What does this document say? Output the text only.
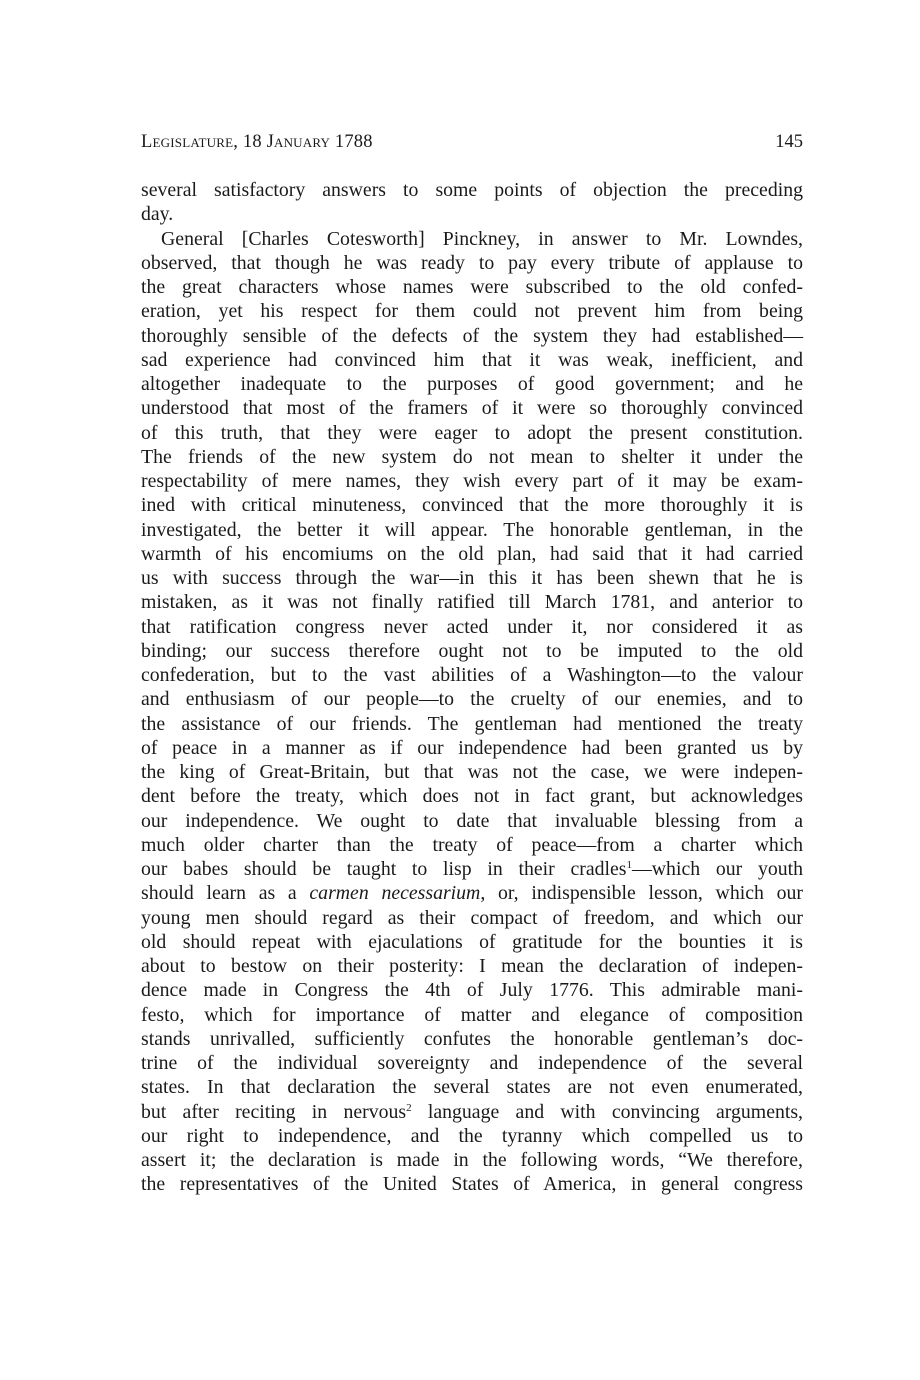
Legislature, 18 January 1788	145
several satisfactory answers to some points of objection the preceding
day.
General [Charles Cotesworth] Pinckney, in answer to Mr. Lowndes,
observed, that though he was ready to pay every tribute of applause to
the great characters whose names were subscribed to the old confed-
eration, yet his respect for them could not prevent him from being
thoroughly sensible of the defects of the system they had established—
sad experience had convinced him that it was weak, inefficient, and
altogether inadequate to the purposes of good government; and he
understood that most of the framers of it were so thoroughly convinced
of this truth, that they were eager to adopt the present constitution.
The friends of the new system do not mean to shelter it under the
respectability of mere names, they wish every part of it may be exam-
ined with critical minuteness, convinced that the more thoroughly it is
investigated, the better it will appear. The honorable gentleman, in the
warmth of his encomiums on the old plan, had said that it had carried
us with success through the war—in this it has been shewn that he is
mistaken, as it was not finally ratified till March 1781, and anterior to
that ratification congress never acted under it, nor considered it as
binding; our success therefore ought not to be imputed to the old
confederation, but to the vast abilities of a Washington—to the valour
and enthusiasm of our people—to the cruelty of our enemies, and to
the assistance of our friends. The gentleman had mentioned the treaty
of peace in a manner as if our independence had been granted us by
the king of Great-Britain, but that was not the case, we were indepen-
dent before the treaty, which does not in fact grant, but acknowledges
our independence. We ought to date that invaluable blessing from a
much older charter than the treaty of peace—from a charter which
our babes should be taught to lisp in their cradles$^1$—which our youth
should learn as a carmen necessarium, or, indispensible lesson, which our
young men should regard as their compact of freedom, and which our
old should repeat with ejaculations of gratitude for the bounties it is
about to bestow on their posterity: I mean the declaration of indepen-
dence made in Congress the 4th of July 1776. This admirable mani-
festo, which for importance of matter and elegance of composition
stands unrivalled, sufficiently confutes the honorable gentleman’s doc-
trine of the individual sovereignty and independence of the several
states. In that declaration the several states are not even enumerated,
but after reciting in nervous$^2$ language and with convincing arguments,
our right to independence, and the tyranny which compelled us to
assert it; the declaration is made in the following words, “We therefore,
the representatives of the United States of America, in general congress
